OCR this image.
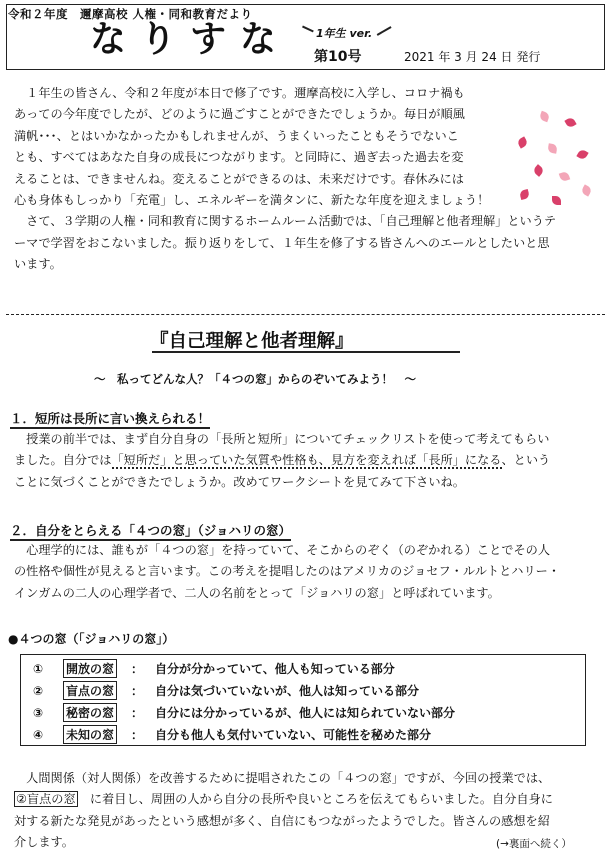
令和２年度　邇摩高校 人権・同和教育だより
なりすな 1年生 ver.
第10号	2021 年 3 月 24 日 発行
　１年生の皆さん、令和２年度が本日で修了です。邇摩高校に入学し、コロナ禍も
あっての今年度でしたが、どのように過ごすことができたでしょうか。毎日が順風
満帆･･･、とはいかなかったかもしれませんが、うまくいったこともそうでないこ
とも、すべてはあなた自身の成長につながります。と同時に、過ぎ去った過去を変
えることは、できませんね。変えることができるのは、未来だけです。春休みには
心も身体もしっかり「充電」し、エネルギーを満タンに、新たな年度を迎えましょう！
　さて、３学期の人権・同和教育に関するホームルーム活動では、「自己理解と他者理解」というテ
ーマで学習をおこないました。振り返りをして、１年生を修了する皆さんへのエールとしたいと思
います。
『自己理解と他者理解』
～　私ってどんな人？「４つの窓」からのぞいてみよう！　～
１．短所は長所に言い換えられる！
　授業の前半では、まず自分自身の「長所と短所」についてチェックリストを使って考えてもらい
ました。自分では「短所だ」と思っていた気質や性格も、見方を変えれば「長所」になる、という
ことに気づくことができたでしょうか。改めてワークシートを見てみて下さいね。
２．自分をとらえる「４つの窓」（ジョハリの窓）
　心理学的には、誰もが「４つの窓」を持っていて、そこからのぞく（のぞかれる）ことでその人
の性格や個性が見えると言います。この考えを提唱したのはアメリカのジョセフ・ルルトとハリー・
インガムの二人の心理学者で、二人の名前をとって「ジョハリの窓」と呼ばれています。
●４つの窓（「ジョハリの窓」）
①	開放の窓 ： 自分が分かっていて、他人も知っている部分
②	盲点の窓 ： 自分は気づいていないが、他人は知っている部分
③	秘密の窓 ： 自分には分かっているが、他人には知られていない部分
④	未知の窓 ： 自分も他人も気付いていない、可能性を秘めた部分
　人間関係（対人関係）を改善するために提唱されたこの「４つの窓」ですが、今回の授業では、
②盲点の窓　 に着目し、周囲の人から自分の長所や良いところを伝えてもらいました。自分自身に
対する新たな発見があったという感想が多く、自信にもつながったようでした。皆さんの感想を紹
介します。	(→裏面へ続く）
